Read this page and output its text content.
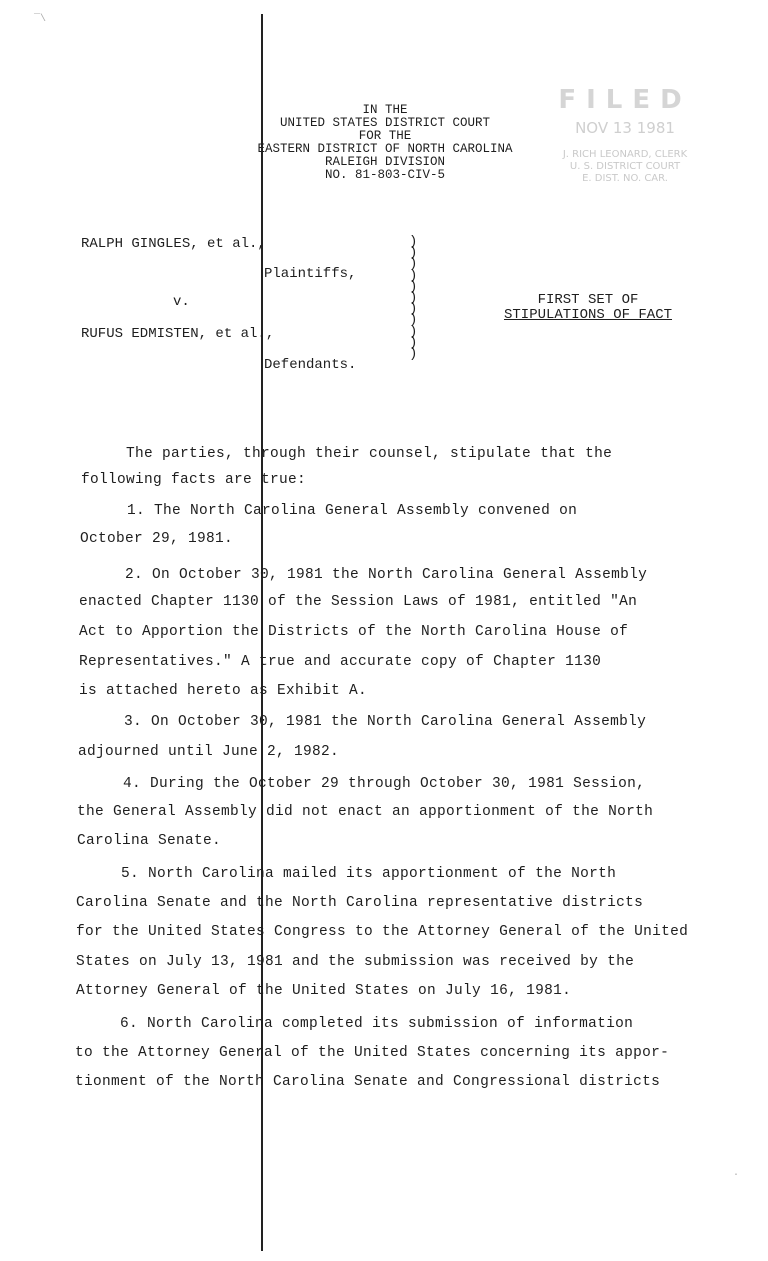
‾\
IN THE
UNITED STATES DISTRICT COURT
FOR THE
EASTERN DISTRICT OF NORTH CAROLINA
RALEIGH DIVISION
NO. 81-803-CIV-5
FILED
NOV 13 1981
J. RICH LEONARD, CLERK
U. S. DISTRICT COURT
E. DIST. NO. CAR.
RALPH GINGLES, et al.,
Plaintiffs,
v.
RUFUS EDMISTEN, et al.,
Defendants.
)
)
)
)
)
)
)
)
)
)
)
FIRST SET OF
STIPULATIONS OF FACT
The parties, through their counsel, stipulate that the
following facts are true:
1. The North Carolina General Assembly convened on
October 29, 1981.
2. On October 30, 1981 the North Carolina General Assembly
enacted Chapter 1130 of the Session Laws of 1981, entitled "An
Act to Apportion the Districts of the North Carolina House of
Representatives." A true and accurate copy of Chapter 1130
is attached hereto as Exhibit A.
3. On October 30, 1981 the North Carolina General Assembly
adjourned until June 2, 1982.
4. During the October 29 through October 30, 1981 Session,
the General Assembly did not enact an apportionment of the North
Carolina Senate.
5. North Carolina mailed its apportionment of the North
Carolina Senate and the North Carolina representative districts
for the United States Congress to the Attorney General of the United
States on July 13, 1981 and the submission was received by the
Attorney General of the United States on July 16, 1981.
6. North Carolina completed its submission of information
to the Attorney General of the United States concerning its appor-
tionment of the North Carolina Senate and Congressional districts
·
